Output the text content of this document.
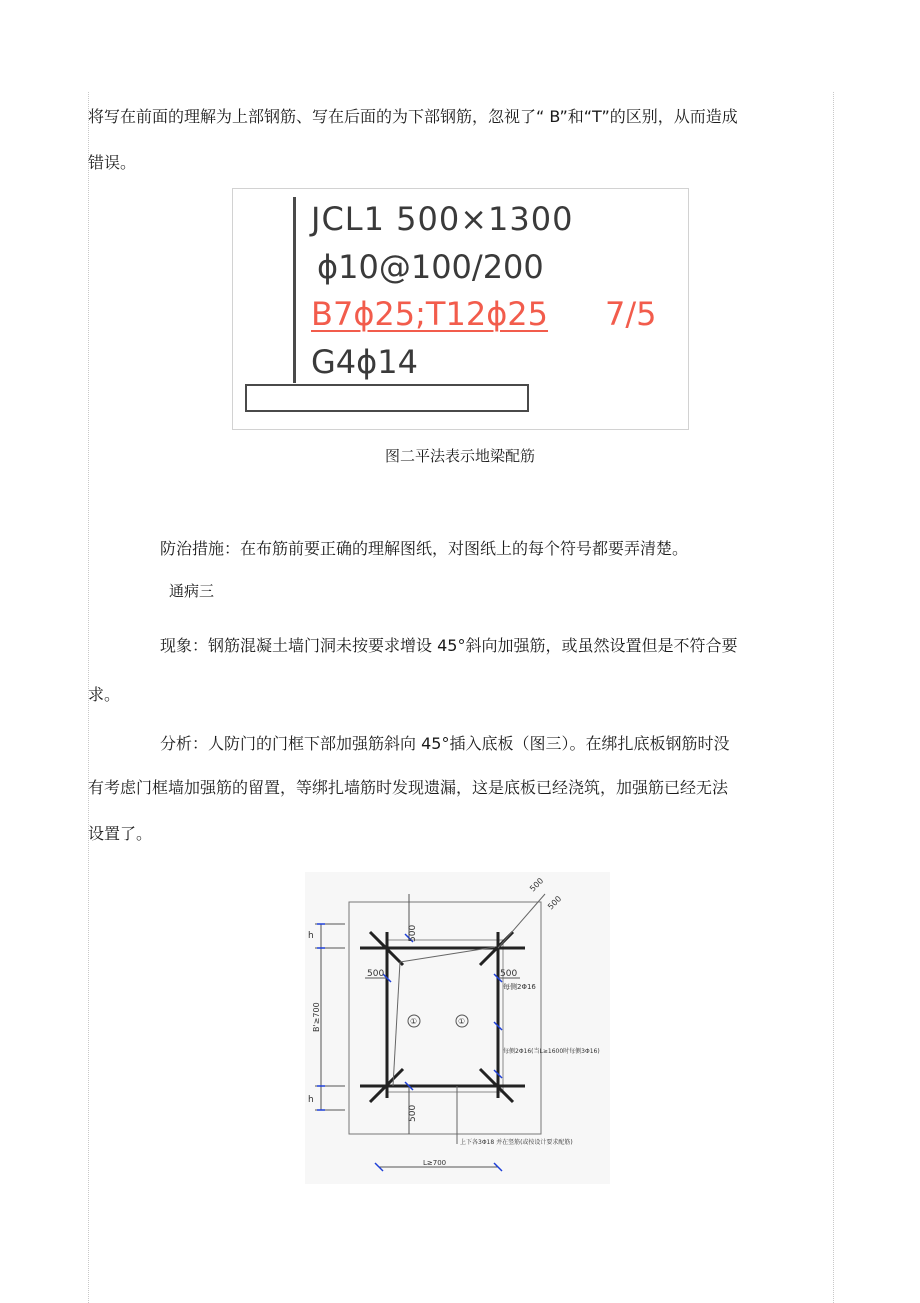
将写在前面的理解为上部钢筋、写在后面的为下部钢筋，忽视了“ B”和“T”的区别，从而造成
错误。
JCL1 500×1300
ϕ10@100/200
B7ϕ25;T12ϕ25 7/5
G4ϕ14
图二平法表示地梁配筋
防治措施：在布筋前要正确的理解图纸，对图纸上的每个符号都要弄清楚。
通病三
现象：钢筋混凝土墙门洞未按要求增设 45°斜向加强筋，或虽然设置但是不符合要
求。
分析：人防门的门框下部加强筋斜向 45°插入底板（图三）。在绑扎底板钢筋时没
有考虑门框墙加强筋的留置，等绑扎墙筋时发现遗漏，这是底板已经浇筑，加强筋已经无法
设置了。
①	①
h
h
B'≥700
500	500
500
500
500
500
每侧2Φ16
每侧2Φ16(当L≥1600时每侧3Φ16)
上下各3Φ18 并在竖筋(或按设计要求配筋)
L≥700
